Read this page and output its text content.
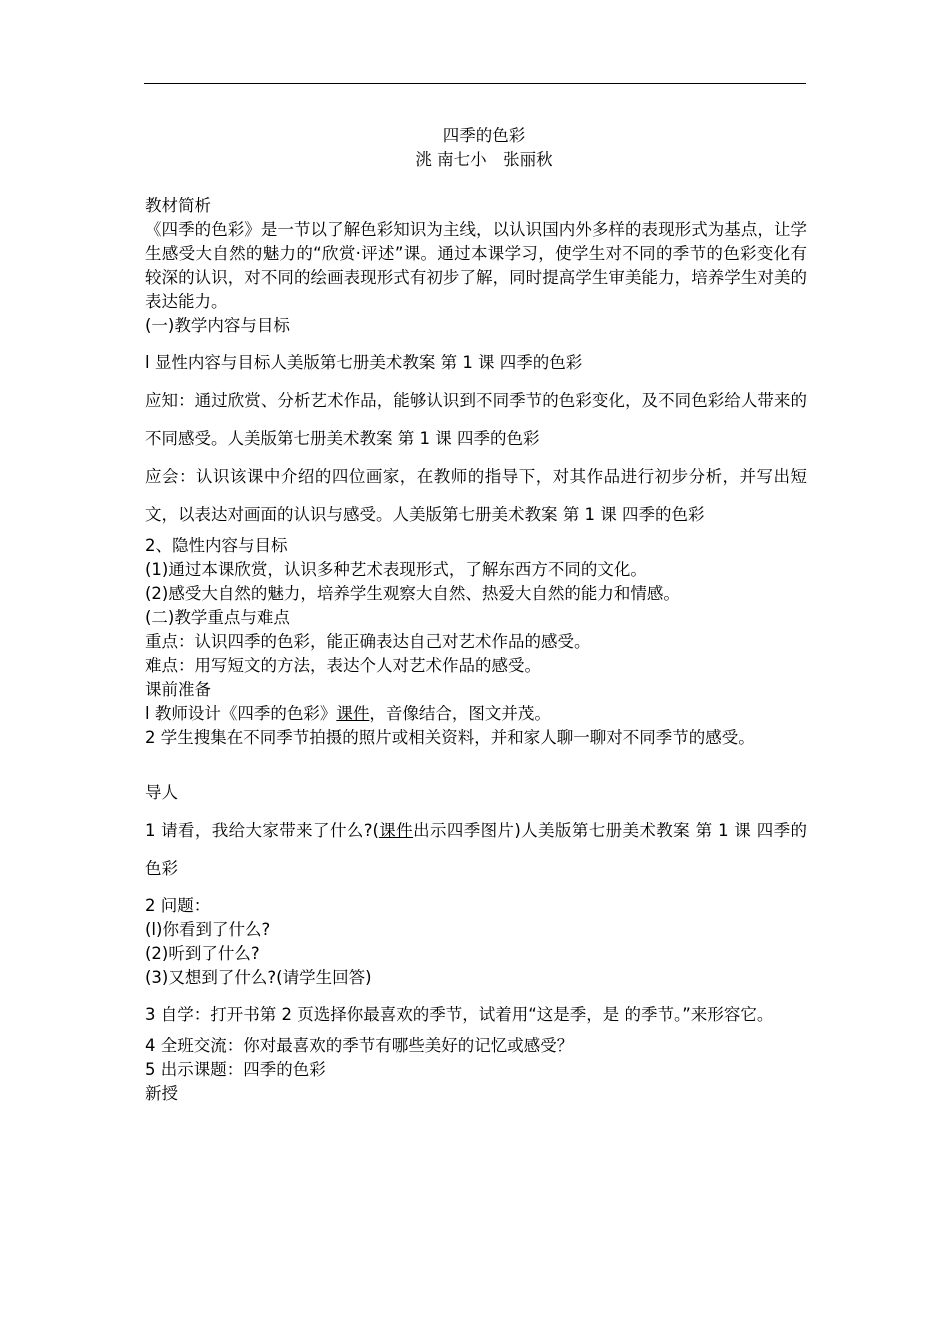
四季的色彩
洮 南七小　张丽秋
教材简析
《四季的色彩》是一节以了解色彩知识为主线，以认识国内外多样的表现形式为基点，让学生感受大自然的魅力的“欣赏·评述”课。通过本课学习，使学生对不同的季节的色彩变化有较深的认识，对不同的绘画表现形式有初步了解，同时提高学生审美能力，培养学生对美的表达能力。
(一)教学内容与目标
l 显性内容与目标人美版第七册美术教案 第 1 课 四季的色彩
应知：通过欣赏、分析艺术作品，能够认识到不同季节的色彩变化，及不同色彩给人带来的不同感受。人美版第七册美术教案 第 1 课 四季的色彩
应会：认识该课中介绍的四位画家，在教师的指导下，对其作品进行初步分析，并写出短文，以表达对画面的认识与感受。人美版第七册美术教案 第 1 课 四季的色彩
2、隐性内容与目标
(1)通过本课欣赏，认识多种艺术表现形式，了解东西方不同的文化。
(2)感受大自然的魅力，培养学生观察大自然、热爱大自然的能力和情感。
(二)教学重点与难点
重点：认识四季的色彩，能正确表达自己对艺术作品的感受。
难点：用写短文的方法，表达个人对艺术作品的感受。
课前准备
l 教师设计《四季的色彩》课件，音像结合，图文并茂。
2 学生搜集在不同季节拍摄的照片或相关资料，并和家人聊一聊对不同季节的感受。
导人
1 请看，我给大家带来了什么?(课件出示四季图片)人美版第七册美术教案 第 1 课 四季的色彩
2 问题：
(l)你看到了什么?
(2)听到了什么?
(3)又想到了什么?(请学生回答)
3 自学：打开书第 2 页选择你最喜欢的季节，试着用“这是季，是 的季节。”来形容它。
4 全班交流：你对最喜欢的季节有哪些美好的记忆或感受？
5 出示课题：四季的色彩
新授
